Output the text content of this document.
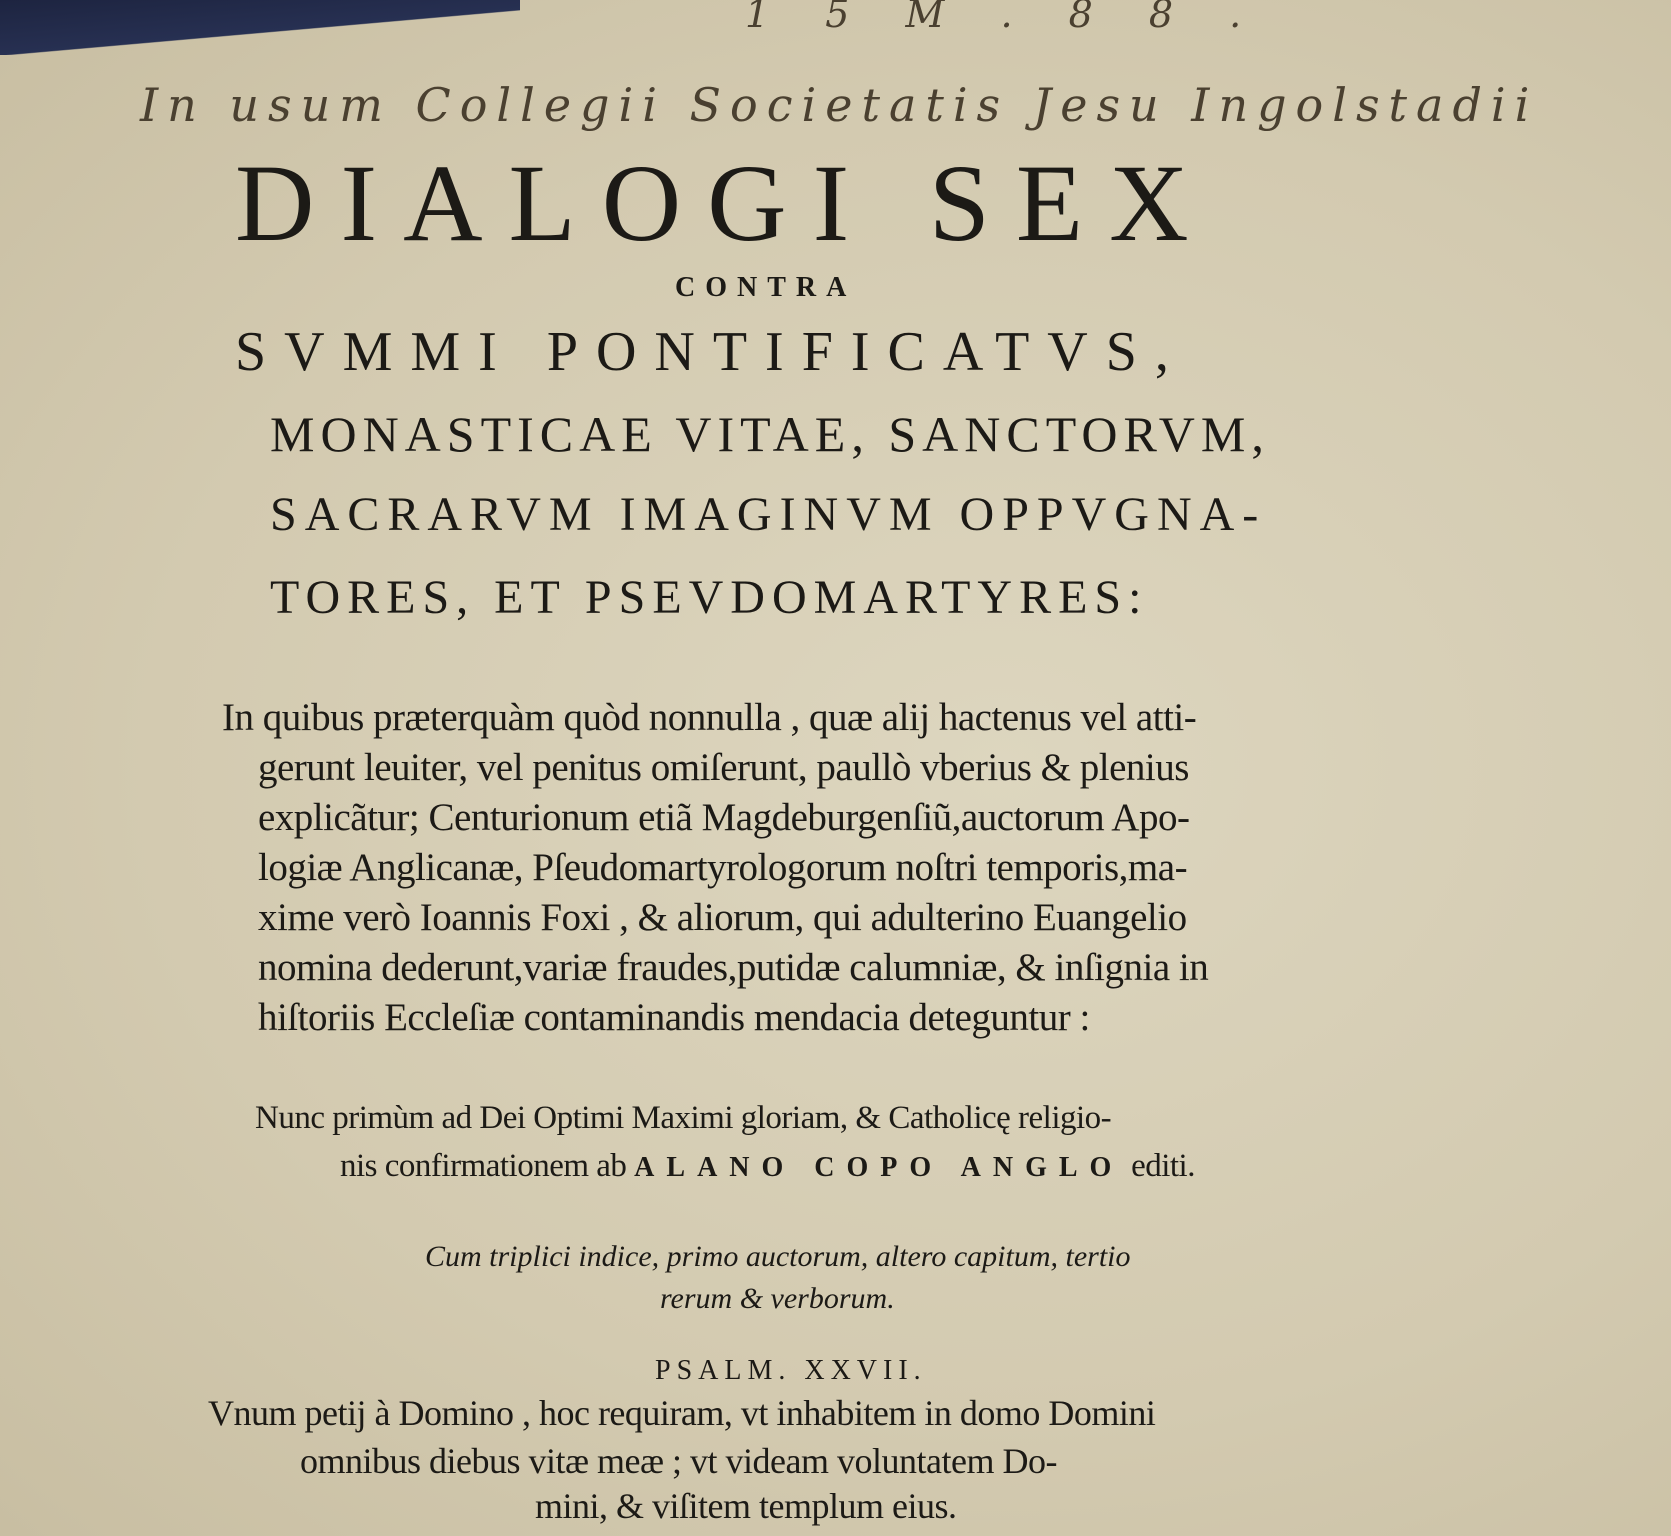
1 5 M . 8 8 .
In usum Collegii Societatis Jesu Ingolstadii
DIALOGI SEX
CONTRA
SVMMI PONTIFICATVS,
MONASTICAE VITAE, SANCTORVM,
SACRARVM IMAGINVM OPPVGNA-
TORES, ET PSEVDOMARTYRES:
In quibus præterquàm quòd nonnulla , quæ alij hactenus vel atti-
gerunt leuiter, vel penitus omiſerunt, paullò vberius & plenius
explicãtur; Centurionum etiã Magdeburgenſiũ,auctorum Apo-
logiæ Anglicanæ, Pſeudomartyrologorum noſtri temporis,ma-
xime verò Ioannis Foxi , & aliorum, qui adulterino Euangelio
nomina dederunt,variæ fraudes,putidæ calumniæ, & inſignia in
hiſtoriis Eccleſiæ contaminandis mendacia deteguntur :
Nunc primùm ad Dei Optimi Maximi gloriam, & Catholicę religio-
nis confirmationem ab ALANO COPO ANGLO editi.
Cum triplici indice, primo auctorum, altero capitum, tertio
rerum & verborum.
PSALM. XXVII.
Vnum petij à Domino , hoc requiram, vt inhabitem in domo Domini
omnibus diebus vitæ meæ ; vt videam voluntatem Do-
mini, & viſitem templum eius.
